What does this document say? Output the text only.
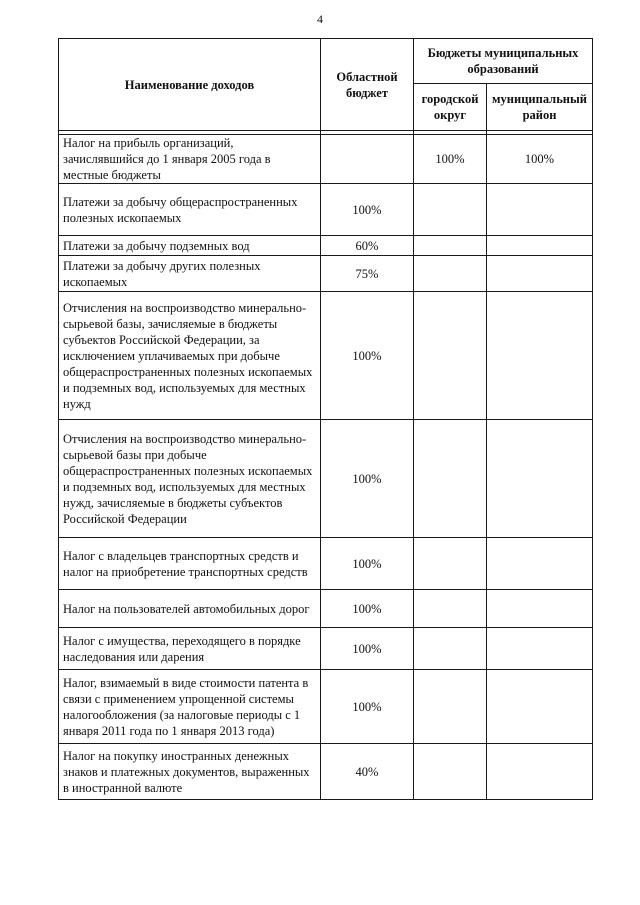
4
Наименование доходов	Областной бюджет	Бюджеты муниципальных образований	
		городской округ	муниципальный район

Налог на прибыль организаций, зачислявшийся до 1 января 2005 года в местные бюджеты		100%	100%
Платежи за добычу общераспространенных полезных ископаемых	100%		
Платежи за добычу подземных вод	60%		
Платежи за добычу других полезных ископаемых	75%		
Отчисления на воспроизводство минерально-сырьевой базы, зачисляемые в бюджеты субъектов Российской Федерации, за исключением уплачиваемых при добыче общераспространенных полезных ископаемых и подземных вод, используемых для местных нужд	100%		
Отчисления на воспроизводство минерально-сырьевой базы при добыче общераспространенных полезных ископаемых и подземных вод, используемых для местных нужд, зачисляемые в бюджеты субъектов Российской Федерации	100%		
Налог с владельцев транспортных средств и налог на приобретение транспортных средств	100%		
Налог на пользователей автомобильных дорог	100%		
Налог с имущества, переходящего в порядке наследования или дарения	100%		
Налог, взимаемый в виде стоимости патента в связи с применением упрощенной системы налогообложения (за налоговые периоды с 1 января 2011 года по 1 января 2013 года)	100%		
Налог на покупку иностранных денежных знаков и платежных документов, выраженных в иностранной валюте	40%		
